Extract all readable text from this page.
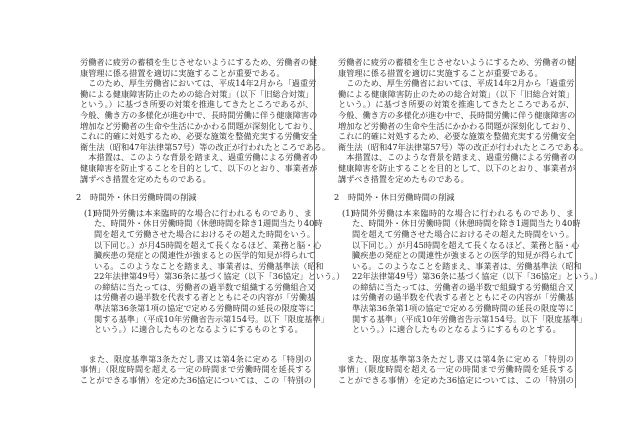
労働者に疲労の蓄積を生じさせないようにするため、労働者の健
康管理に係る措置を適切に実施することが重要である。
　このため、厚生労働省においては、平成14年2月から「過重労
働による健康障害防止のための総合対策」（以下「旧総合対策」
という。）に基づき所要の対策を推進してきたところであるが、
今般、働き方の多様化が進む中で、長時間労働に伴う健康障害の
増加など労働者の生命や生活にかかわる問題が深刻化しており、
これに的確に対処するため、必要な施策を整備充実する労働安全
衛生法（昭和47年法律第57号）等の改正が行われたところである。
　本措置は、このような背景を踏まえ、過重労働による労働者の
健康障害を防止することを目的として、以下のとおり、事業者が
講ずべき措置を定めたものである。
2 時間外・休日労働時間の削減
(1)
時間外労働は本来臨時的な場合に行われるものであり、ま
た、時間外・休日労働時間（休憩時間を除き1週間当たり40時
間を超えて労働させた場合におけるその超えた時間をいう。
以下同じ。）が月45時間を超えて長くなるほど、業務と脳・心
臓疾患の発症との関連性が強まるとの医学的知見が得られて
いる。このようなことを踏まえ、事業者は、労働基準法（昭和
22年法律第49号）第36条に基づく協定（以下「36協定」という。）
の締結に当たっては、労働者の過半数で組織する労働組合又
は労働者の過半数を代表する者とともにその内容が「労働基
準法第36条第1項の協定で定める労働時間の延長の限度等に
関する基準」（平成10年労働省告示第154号。以下「限度基準」
という。）に適合したものとなるようにするものとする。
　また、限度基準第3条ただし書又は第4条に定める「特別の
事情」（限度時間を超える一定の時間まで労働時間を延長する
ことができる事情）を定めた36協定については、この「特別の
労働者に疲労の蓄積を生じさせないようにするため、労働者の健
康管理に係る措置を適切に実施することが重要である。
　このため、厚生労働省においては、平成14年2月から「過重労
働による健康障害防止のための総合対策」（以下「旧総合対策」
という。）に基づき所要の対策を推進してきたところであるが、
今般、働き方の多様化が進む中で、長時間労働に伴う健康障害の
増加など労働者の生命や生活にかかわる問題が深刻化しており、
これに的確に対処するため、必要な施策を整備充実する労働安全
衛生法（昭和47年法律第57号）等の改正が行われたところである。
　本措置は、このような背景を踏まえ、過重労働による労働者の
健康障害を防止することを目的として、以下のとおり、事業者が
講ずべき措置を定めたものである。
2 時間外・休日労働時間の削減
(1)
時間外労働は本来臨時的な場合に行われるものであり、ま
た、時間外・休日労働時間（休憩時間を除き1週間当たり40時
間を超えて労働させた場合におけるその超えた時間をいう。
以下同じ。）が月45時間を超えて長くなるほど、業務と脳・心
臓疾患の発症との関連性が強まるとの医学的知見が得られて
いる。このようなことを踏まえ、事業者は、労働基準法（昭和
22年法律第49号）第36条に基づく協定（以下「36協定」という。）
の締結に当たっては、労働者の過半数で組織する労働組合又
は労働者の過半数を代表する者とともにその内容が「労働基
準法第36条第1項の協定で定める労働時間の延長の限度等に
関する基準」（平成10年労働省告示第154号。以下「限度基準」
という。）に適合したものとなるようにするものとする。
　また、限度基準第3条ただし書又は第4条に定める「特別の
事情」（限度時間を超える一定の時間まで労働時間を延長する
ことができる事情）を定めた36協定については、この「特別の
